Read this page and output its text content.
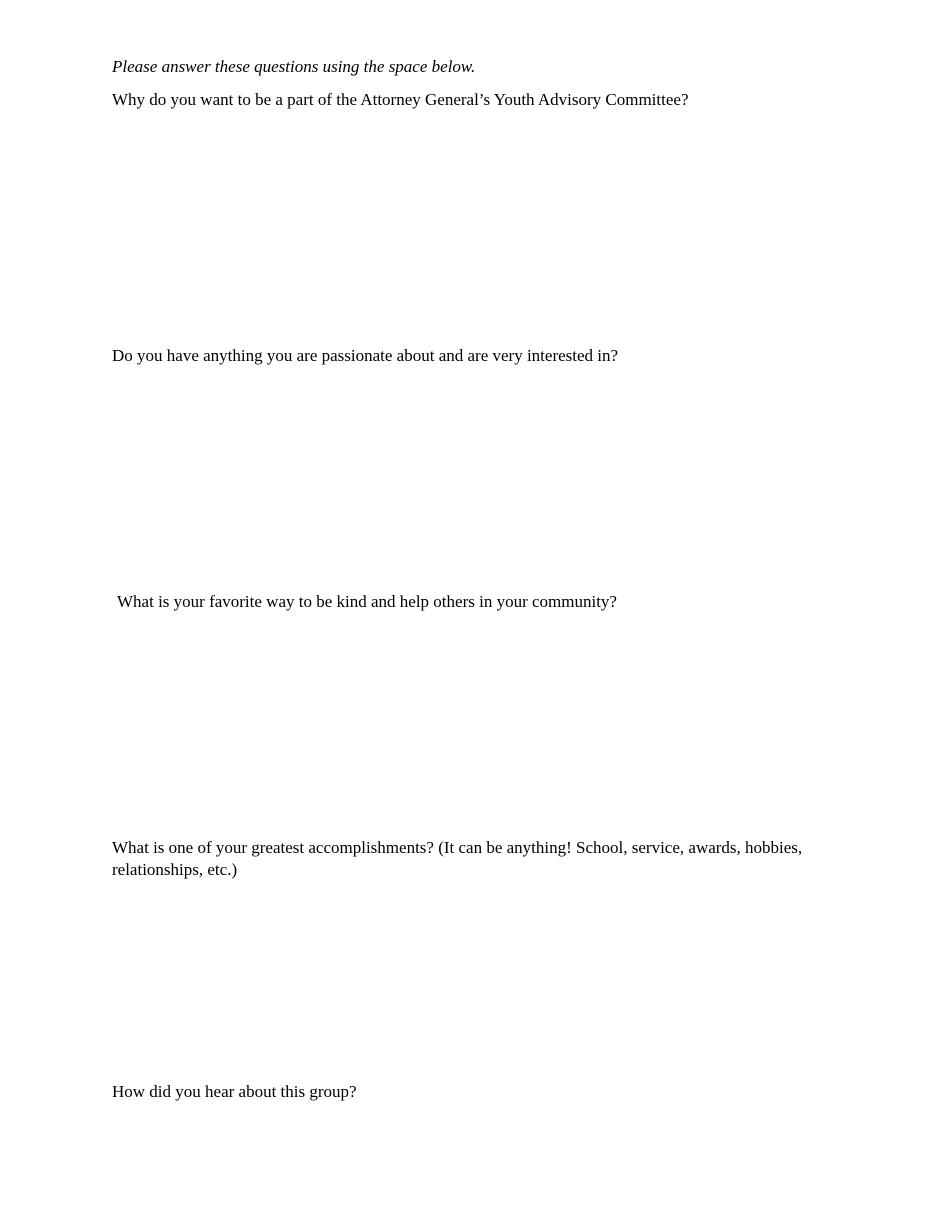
Please answer these questions using the space below.

Why do you want to be a part of the Attorney General’s Youth Advisory Committee?

Do you have anything you are passionate about and are very interested in?

What is your favorite way to be kind and help others in your community?

What is one of your greatest accomplishments? (It can be anything! School, service, awards, hobbies, relationships, etc.)

How did you hear about this group?
